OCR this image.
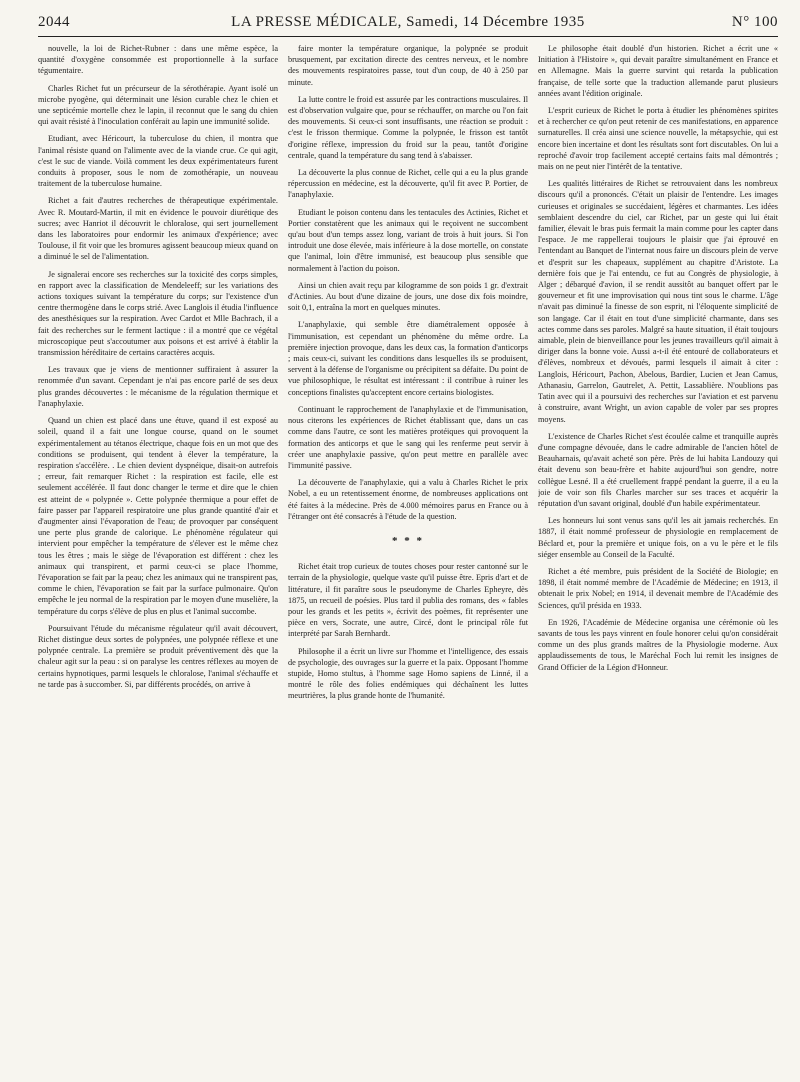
2044	LA PRESSE MÉDICALE, Samedi, 14 Décembre 1935	N° 100

nouvelle, la loi de Richet-Rubner : dans une même espèce, la quantité d'oxygène consommée est proportionnelle à la surface tégumentaire.

Charles Richet fut un précurseur de la sérothérapie. Ayant isolé un microbe pyogène, qui déterminait une lésion curable chez le chien et une septicémie mortelle chez le lapin, il reconnut que le sang du chien qui avait résisté à l'inoculation conférait au lapin une immunité solide.

Etudiant, avec Héricourt, la tuberculose du chien, il montra que l'animal résiste quand on l'alimente avec de la viande crue. Ce qui agit, c'est le suc de viande. Voilà comment les deux expérimentateurs furent conduits à proposer, sous le nom de zomothérapie, un nouveau traitement de la tuberculose humaine.

Richet a fait d'autres recherches de thérapeutique expérimentale. Avec R. Moutard-Martin, il mit en évidence le pouvoir diurétique des sucres; avec Hanriot il découvrit le chloralose, qui sert journellement dans les laboratoires pour endormir les animaux d'expérience; avec Toulouse, il fit voir que les bromures agissent beaucoup mieux quand on a diminué le sel de l'alimentation.

Je signalerai encore ses recherches sur la toxicité des corps simples, en rapport avec la classification de Mendeleeff; sur les variations des actions toxiques suivant la température du corps; sur l'existence d'un centre thermogène dans le corps strié. Avec Langlois il étudia l'influence des anesthésiques sur la respiration. Avec Cardot et Mlle Bachrach, il a fait des recherches sur le ferment lactique : il a montré que ce végétal microscopique peut s'accoutumer aux poisons et est arrivé à établir la transmission héréditaire de certains caractères acquis.

Les travaux que je viens de mentionner suffiraient à assurer la renommée d'un savant. Cependant je n'ai pas encore parlé de ses deux plus grandes découvertes : le mécanisme de la régulation thermique et l'anaphylaxie.

Quand un chien est placé dans une étuve, quand il est exposé au soleil, quand il a fait une longue course, quand on le soumet expérimentalement au tétanos électrique, chaque fois en un mot que des conditions se produisent, qui tendent à élever la température, la respiration s'accélère. . Le chien devient dyspnéique, disait-on autrefois ; erreur, fait remarquer Richet : la respiration est facile, elle est seulement accélérée. Il faut donc changer le terme et dire que le chien est atteint de « polypnée ». Cette polypnée thermique a pour effet de faire passer par l'appareil respiratoire une plus grande quantité d'air et d'augmenter ainsi l'évaporation de l'eau; de provoquer par conséquent une perte plus grande de calorique. Le phénomène régulateur qui intervient pour empêcher la température de s'élever est le même chez tous les êtres ; mais le siège de l'évaporation est différent : chez les animaux qui transpirent, et parmi ceux-ci se place l'homme, l'évaporation se fait par la peau; chez les animaux qui ne transpirent pas, comme le chien, l'évaporation se fait par la surface pulmonaire. Qu'on empêche le jeu normal de la respiration par le moyen d'une muselière, la température du corps s'élève de plus en plus et l'animal succombe.

Poursuivant l'étude du mécanisme régulateur qu'il avait découvert, Richet distingue deux sortes de polypnées, une polypnée réflexe et une polypnée centrale. La première se produit préventivement dès que la chaleur agit sur la peau : si on paralyse les centres réflexes au moyen de certains hypnotiques, parmi lesquels le chloralose, l'animal s'échauffe et ne tarde pas à succomber. Si, par différents procédés, on arrive à

faire monter la température organique, la polypnée se produit brusquement, par excitation directe des centres nerveux, et le nombre des mouvements respiratoires passe, tout d'un coup, de 40 à 250 par minute.

La lutte contre le froid est assurée par les contractions musculaires. Il est d'observation vulgaire que, pour se réchauffer, on marche ou l'on fait des mouvements. Si ceux-ci sont insuffisants, une réaction se produit : c'est le frisson thermique. Comme la polypnée, le frisson est tantôt d'origine réflexe, impression du froid sur la peau, tantôt d'origine centrale, quand la température du sang tend à s'abaisser.

La découverte la plus connue de Richet, celle qui a eu la plus grande répercussion en médecine, est la découverte, qu'il fit avec P. Portier, de l'anaphylaxie.

Etudiant le poison contenu dans les tentacules des Actinies, Richet et Portier constatèrent que les animaux qui le reçoivent ne succombent qu'au bout d'un temps assez long, variant de trois à huit jours. Si l'on introduit une dose élevée, mais inférieure à la dose mortelle, on constate que l'animal, loin d'être immunisé, est beaucoup plus sensible que normalement à l'action du poison.

Ainsi un chien avait reçu par kilogramme de son poids 1 gr. d'extrait d'Actinies. Au bout d'une dizaine de jours, une dose dix fois moindre, soit 0,1, entraîna la mort en quelques minutes.

L'anaphylaxie, qui semble être diamétralement opposée à l'immunisation, est cependant un phénomène du même ordre. La première injection provoque, dans les deux cas, la formation d'anticorps ; mais ceux-ci, suivant les conditions dans lesquelles ils se produisent, servent à la défense de l'organisme ou précipitent sa défaite. Du point de vue philosophique, le résultat est intéressant : il contribue à ruiner les conceptions finalistes qu'acceptent encore certains biologistes.

Continuant le rapprochement de l'anaphylaxie et de l'immunisation, nous citerons les expériences de Richet établissant que, dans un cas comme dans l'autre, ce sont les matières protéiques qui provoquent la formation des anticorps et que le sang qui les renferme peut servir à créer une anaphylaxie passive, qu'on peut mettre en parallèle avec l'immunité passive.

La découverte de l'anaphylaxie, qui a valu à Charles Richet le prix Nobel, a eu un retentissement énorme, de nombreuses applications ont été faites à la médecine. Près de 4.000 mémoires parus en France ou à l'étranger ont été consacrés à l'étude de la question.

* * *

Richet était trop curieux de toutes choses pour rester cantonné sur le terrain de la physiologie, quelque vaste qu'il puisse être. Epris d'art et de littérature, il fit paraître sous le pseudonyme de Charles Epheyre, dès 1875, un recueil de poésies. Plus tard il publia des romans, des « fables pour les grands et les petits », écrivit des poèmes, fit représenter une pièce en vers, Socrate, une autre, Circé, dont le principal rôle fut interprété par Sarah Bernhardt.

Philosophe il a écrit un livre sur l'homme et l'intelligence, des essais de psychologie, des ouvrages sur la guerre et la paix. Opposant l'homme stupide, Homo stultus, à l'homme sage Homo sapiens de Linné, il a montré le rôle des folies endémiques qui déchaînent les luttes meurtrières, la plus grande honte de l'humanité.

Le philosophe était doublé d'un historien. Richet a écrit une « Initiation à l'Histoire », qui devait paraître simultanément en France et en Allemagne. Mais la guerre survint qui retarda la publication française, de telle sorte que la traduction allemande parut plusieurs années avant l'édition originale.

L'esprit curieux de Richet le porta à étudier les phénomènes spirites et à rechercher ce qu'on peut retenir de ces manifestations, en apparence surnaturelles. Il créa ainsi une science nouvelle, la métapsychie, qui est encore bien incertaine et dont les résultats sont fort discutables. On lui a reproché d'avoir trop facilement accepté certains faits mal démontrés ; mais on ne peut nier l'intérêt de la tentative.

Les qualités littéraires de Richet se retrouvaient dans les nombreux discours qu'il a prononcés. C'était un plaisir de l'entendre. Les images curieuses et originales se succédaient, légères et charmantes. Les idées semblaient descendre du ciel, car Richet, par un geste qui lui était familier, élevait le bras puis fermait la main comme pour les capter dans l'espace. Je me rappellerai toujours le plaisir que j'ai éprouvé en l'entendant au Banquet de l'internat nous faire un discours plein de verve et d'esprit sur les chapeaux, supplément au chapitre d'Aristote. La dernière fois que je l'ai entendu, ce fut au Congrès de physiologie, à Alger ; débarqué d'avion, il se rendit aussitôt au banquet offert par le gouverneur et fit une improvisation qui nous tint sous le charme. L'âge n'avait pas diminué la finesse de son esprit, ni l'éloquente simplicité de son langage. Car il était en tout d'une simplicité charmante, dans ses actes comme dans ses paroles. Malgré sa haute situation, il était toujours aimable, plein de bienveillance pour les jeunes travailleurs qu'il aimait à diriger dans la bonne voie. Aussi a-t-il été entouré de collaborateurs et d'élèves, nombreux et dévoués, parmi lesquels il aimait à citer : Langlois, Héricourt, Pachon, Abelous, Bardier, Lucien et Jean Camus, Athanasiu, Garrelon, Gautrelet, A. Pettit, Lassablière. N'oublions pas Tatin avec qui il a poursuivi des recherches sur l'aviation et est parvenu à construire, avant Wright, un avion capable de voler par ses propres moyens.

L'existence de Charles Richet s'est écoulée calme et tranquille auprès d'une compagne dévouée, dans le cadre admirable de l'ancien hôtel de Beauharnais, qu'avait acheté son père. Près de lui habita Landouzy qui était devenu son beau-frère et habite aujourd'hui son gendre, notre collègue Lesné. Il a été cruellement frappé pendant la guerre, il a eu la joie de voir son fils Charles marcher sur ses traces et acquérir la réputation d'un savant original, doublé d'un habile expérimentateur.

Les honneurs lui sont venus sans qu'il les ait jamais recherchés. En 1887, il était nommé professeur de physiologie en remplacement de Béclard et, pour la première et unique fois, on a vu le père et le fils siéger ensemble au Conseil de la Faculté.

Richet a été membre, puis président de la Société de Biologie; en 1898, il était nommé membre de l'Académie de Médecine; en 1913, il obtenait le prix Nobel; en 1914, il devenait membre de l'Académie des Sciences, qu'il présida en 1933.

En 1926, l'Académie de Médecine organisa une cérémonie où les savants de tous les pays vinrent en foule honorer celui qu'on considérait comme un des plus grands maîtres de la Physiologie moderne. Aux applaudissements de tous, le Maréchal Foch lui remit les insignes de Grand Officier de la Légion d'Honneur.
